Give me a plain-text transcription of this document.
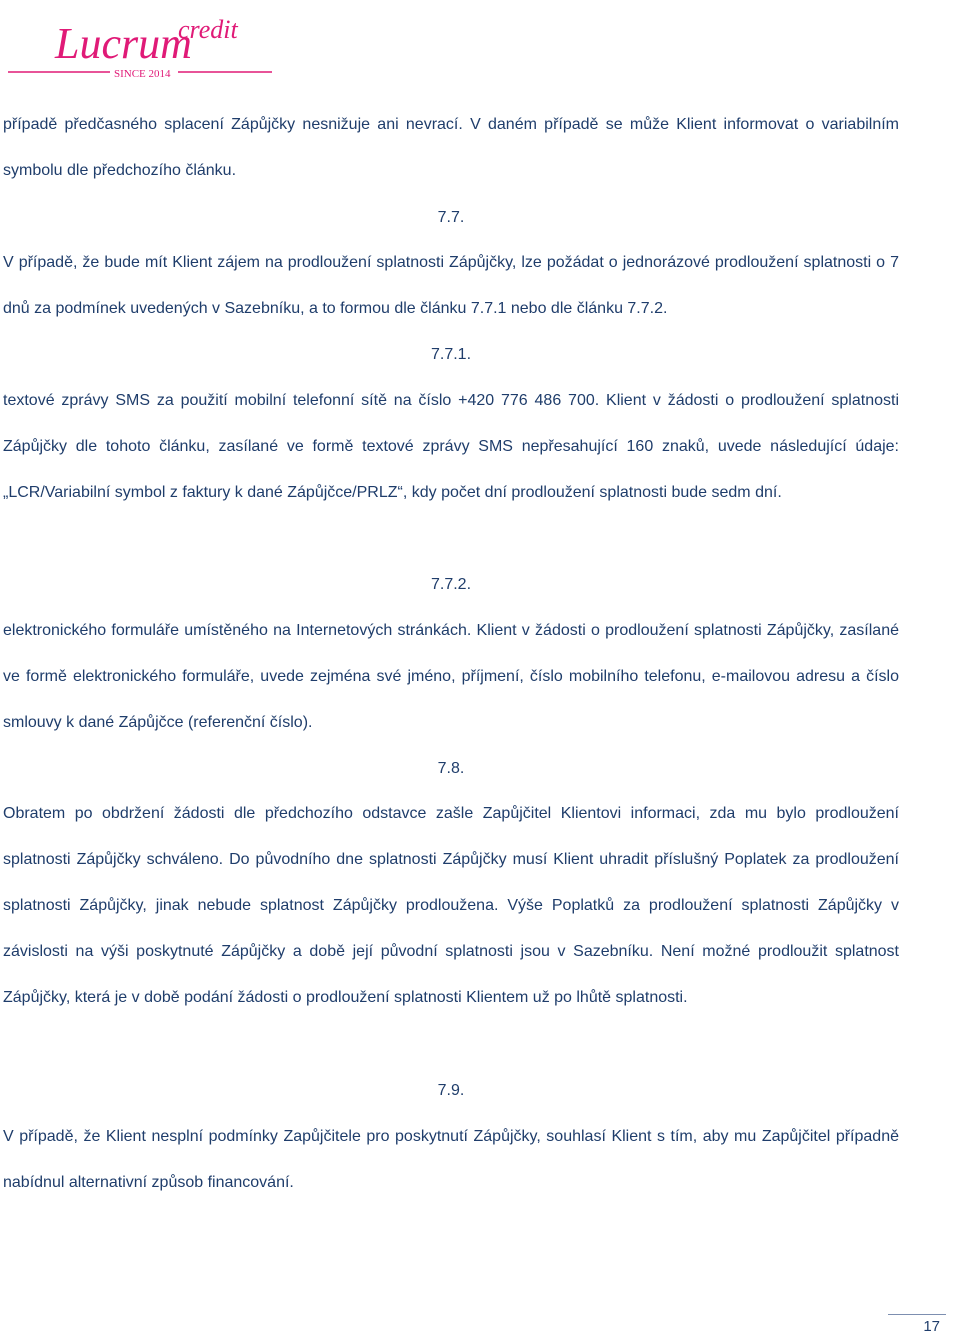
credit
Lucrum
SINCE 2014

případě předčasného splacení Zápůjčky nesnižuje ani nevrací. V daném případě se může Klient informovat o variabilním symbolu dle předchozího článku.

7.7.

V případě, že bude mít Klient zájem na prodloužení splatnosti Zápůjčky, lze požádat o jednorázové prodloužení splatnosti o 7 dnů za podmínek uvedených v Sazebníku, a to formou dle článku 7.7.1 nebo dle článku 7.7.2.

7.7.1.

textové zprávy SMS za použití mobilní telefonní sítě na číslo +420 776 486 700. Klient v žádosti o prodloužení splatnosti Zápůjčky dle tohoto článku, zasílané ve formě textové zprávy SMS nepřesahující 160 znaků, uvede následující údaje: „LCR/Variabilní symbol z faktury k dané Zápůjčce/PRLZ“, kdy počet dní prodloužení splatnosti bude sedm dní.

7.7.2.

elektronického formuláře umístěného na Internetových stránkách. Klient v žádosti o prodloužení splatnosti Zápůjčky, zasílané ve formě elektronického formuláře, uvede zejména své jméno, příjmení, číslo mobilního telefonu, e-mailovou adresu a číslo smlouvy k dané Zápůjčce (referenční číslo).

7.8.

Obratem po obdržení žádosti dle předchozího odstavce zašle Zapůjčitel Klientovi informaci, zda mu bylo prodloužení splatnosti Zápůjčky schváleno. Do původního dne splatnosti Zápůjčky musí Klient uhradit příslušný Poplatek za prodloužení splatnosti Zápůjčky, jinak nebude splatnost Zápůjčky prodloužena. Výše Poplatků za prodloužení splatnosti Zápůjčky v závislosti na výši poskytnuté Zápůjčky a době její původní splatnosti jsou v Sazebníku. Není možné prodloužit splatnost Zápůjčky, která je v době podání žádosti o prodloužení splatnosti Klientem už po lhůtě splatnosti.

7.9.

V případě, že Klient nesplní podmínky Zapůjčitele pro poskytnutí Zápůjčky, souhlasí Klient s tím, aby mu Zapůjčitel případně nabídnul alternativní způsob financování.

17
